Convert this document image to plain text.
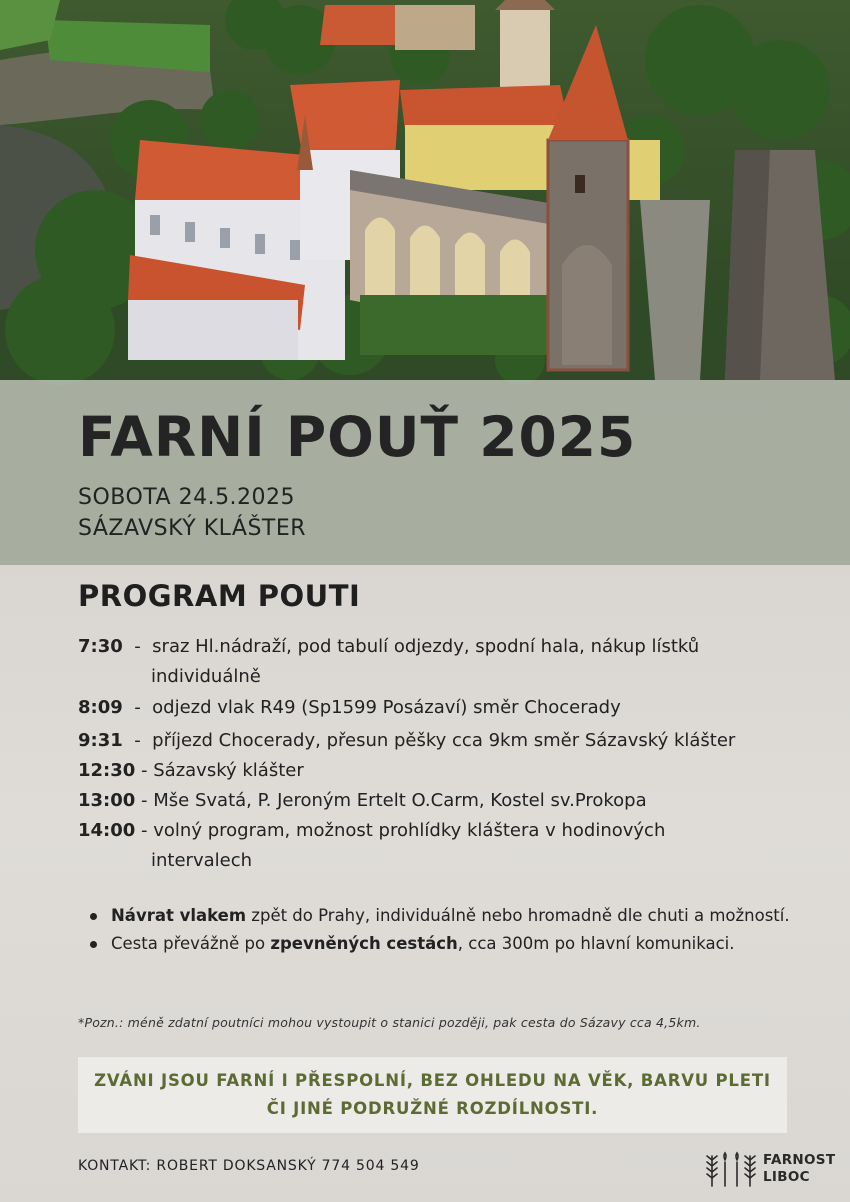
FARNÍ POUŤ 2025
SOBOTA 24.5.2025
SÁZAVSKÝ KLÁŠTER
PROGRAM POUTI
7:30 - sraz Hl.nádraží, pod tabulí odjezdy, spodní hala, nákup lístků
individuálně
8:09 - odjezd vlak R49 (Sp1599 Posázaví) směr Chocerady
9:31 - příjezd Chocerady, přesun pěšky cca 9km směr Sázavský klášter
12:30 - Sázavský klášter
13:00 - Mše Svatá, P. Jeroným Ertelt O.Carm, Kostel sv.Prokopa
14:00 - volný program, možnost prohlídky kláštera v hodinových
intervalech
Návrat vlakem zpět do Prahy, individuálně nebo hromadně dle chuti a možností.
Cesta převážně po zpevněných cestách, cca 300m po hlavní komunikaci.
*Pozn.: méně zdatní poutníci mohou vystoupit o stanici později, pak cesta do Sázavy cca 4,5km.
ZVÁNI JSOU FARNÍ I PŘESPOLNÍ, BEZ OHLEDU NA VĚK, BARVU PLETI ČI JINÉ PODRUŽNÉ ROZDÍLNOSTI.
KONTAKT: ROBERT DOKSANSKÝ 774 504 549	FARNOST
LIBOC
